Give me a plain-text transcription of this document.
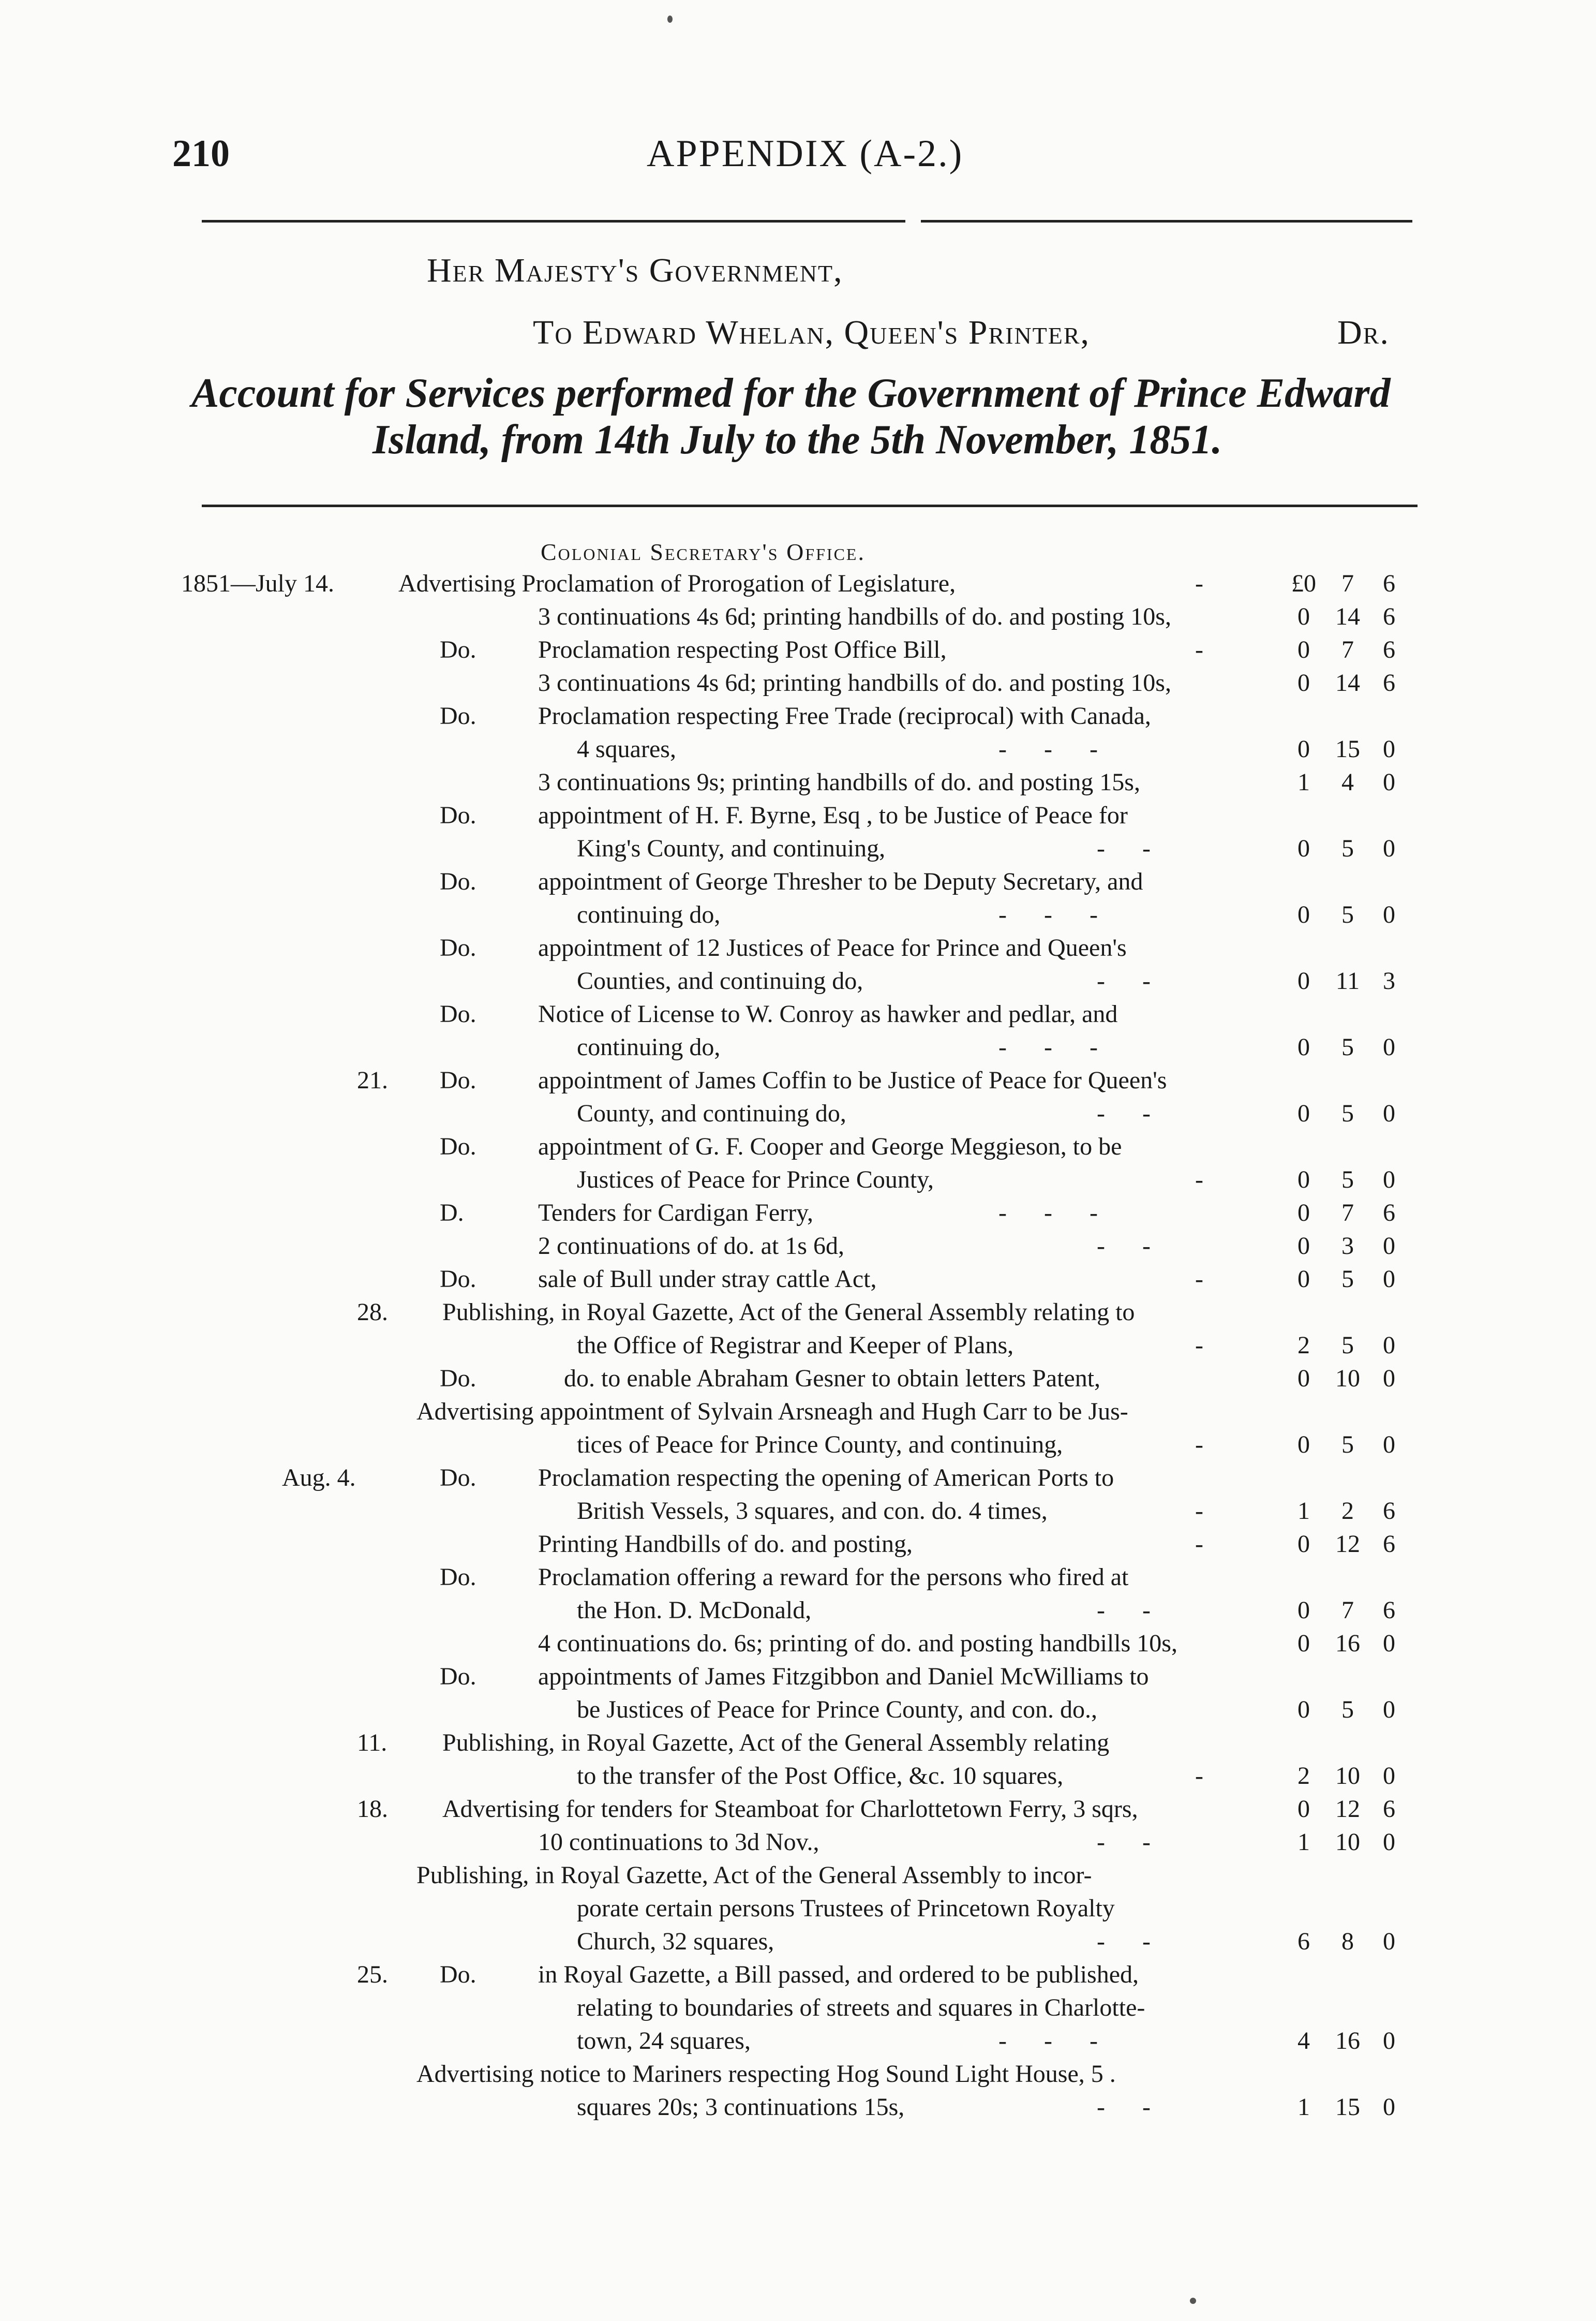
210	APPENDIX (A-2.)
Her Majesty's Government,
To Edward Whelan, Queen's Printer,	Dr.
Account for Services performed for the Government of Prince Edward
Island, from 14th July to the 5th November, 1851.
Colonial Secretary's Office.
1851—July 14.	Advertising Proclamation of Prorogation of Legislature,	-	£0	7	6
3 continuations 4s 6d; printing handbills of do. and posting 10s,	0	14 6
Do. Proclamation respecting Post Office Bill,	-	0	7	6
3 continuations 4s 6d; printing handbills of do. and posting 10s,	0	14 6
Do. Proclamation respecting Free Trade (reciprocal) with Canada,
4 squares,	- - -	0	15 0
3 continuations 9s; printing handbills of do. and posting 15s,	1	4	0
Do. appointment of H. F. Byrne, Esq , to be Justice of Peace for
King's County, and continuing,	- -	0	5	0
Do. appointment of George Thresher to be Deputy Secretary, and
continuing do,	- - -	0	5	0
Do. appointment of 12 Justices of Peace for Prince and Queen's
Counties, and continuing do,	- -	0	11 3
Do. Notice of License to W. Conroy as hawker and pedlar, and
continuing do,	- - -	0	5	0
21. Do. appointment of James Coffin to be Justice of Peace for Queen's
County, and continuing do,	- -	0	5	0
Do. appointment of G. F. Cooper and George Meggieson, to be
Justices of Peace for Prince County,	-	0	5	0
D.	Tenders for Cardigan Ferry,	- - -	0	7	6
2 continuations of do. at 1s 6d,	- -	0	3	0
Do. sale of Bull under stray cattle Act,	-	0	5	0
28. Publishing, in Royal Gazette, Act of the General Assembly relating to
the Office of Registrar and Keeper of Plans,	-	2	5	0
Do.	do. to enable Abraham Gesner to obtain letters Patent,	0	10 0
Advertising appointment of Sylvain Arsneagh and Hugh Carr to be Jus-
tices of Peace for Prince County, and continuing,	-	0	5	0
Aug. 4.	Do. Proclamation respecting the opening of American Ports to
British Vessels, 3 squares, and con. do. 4 times,	-	1	2	6
Printing Handbills of do. and posting,	-	0	12 6
Do. Proclamation offering a reward for the persons who fired at
the Hon. D. McDonald,	- -	0	7	6
4 continuations do. 6s; printing of do. and posting handbills 10s,	0	16 0
Do. appointments of James Fitzgibbon and Daniel McWilliams to
be Justices of Peace for Prince County, and con. do.,	0	5	0
11. Publishing, in Royal Gazette, Act of the General Assembly relating
to the transfer of the Post Office, &c. 10 squares,	-	2	10 0
18. Advertising for tenders for Steamboat for Charlottetown Ferry, 3 sqrs,	0	12 6
10 continuations to 3d Nov.,	- -	1	10 0
Publishing, in Royal Gazette, Act of the General Assembly to incor-
porate certain persons Trustees of Princetown Royalty
Church, 32 squares,	- -	6	8	0
25. Do. in Royal Gazette, a Bill passed, and ordered to be published,
relating to boundaries of streets and squares in Charlotte-
town, 24 squares,	- - -	4	16 0
Advertising notice to Mariners respecting Hog Sound Light House, 5 .
squares 20s; 3 continuations 15s,	- -	1	15 0
